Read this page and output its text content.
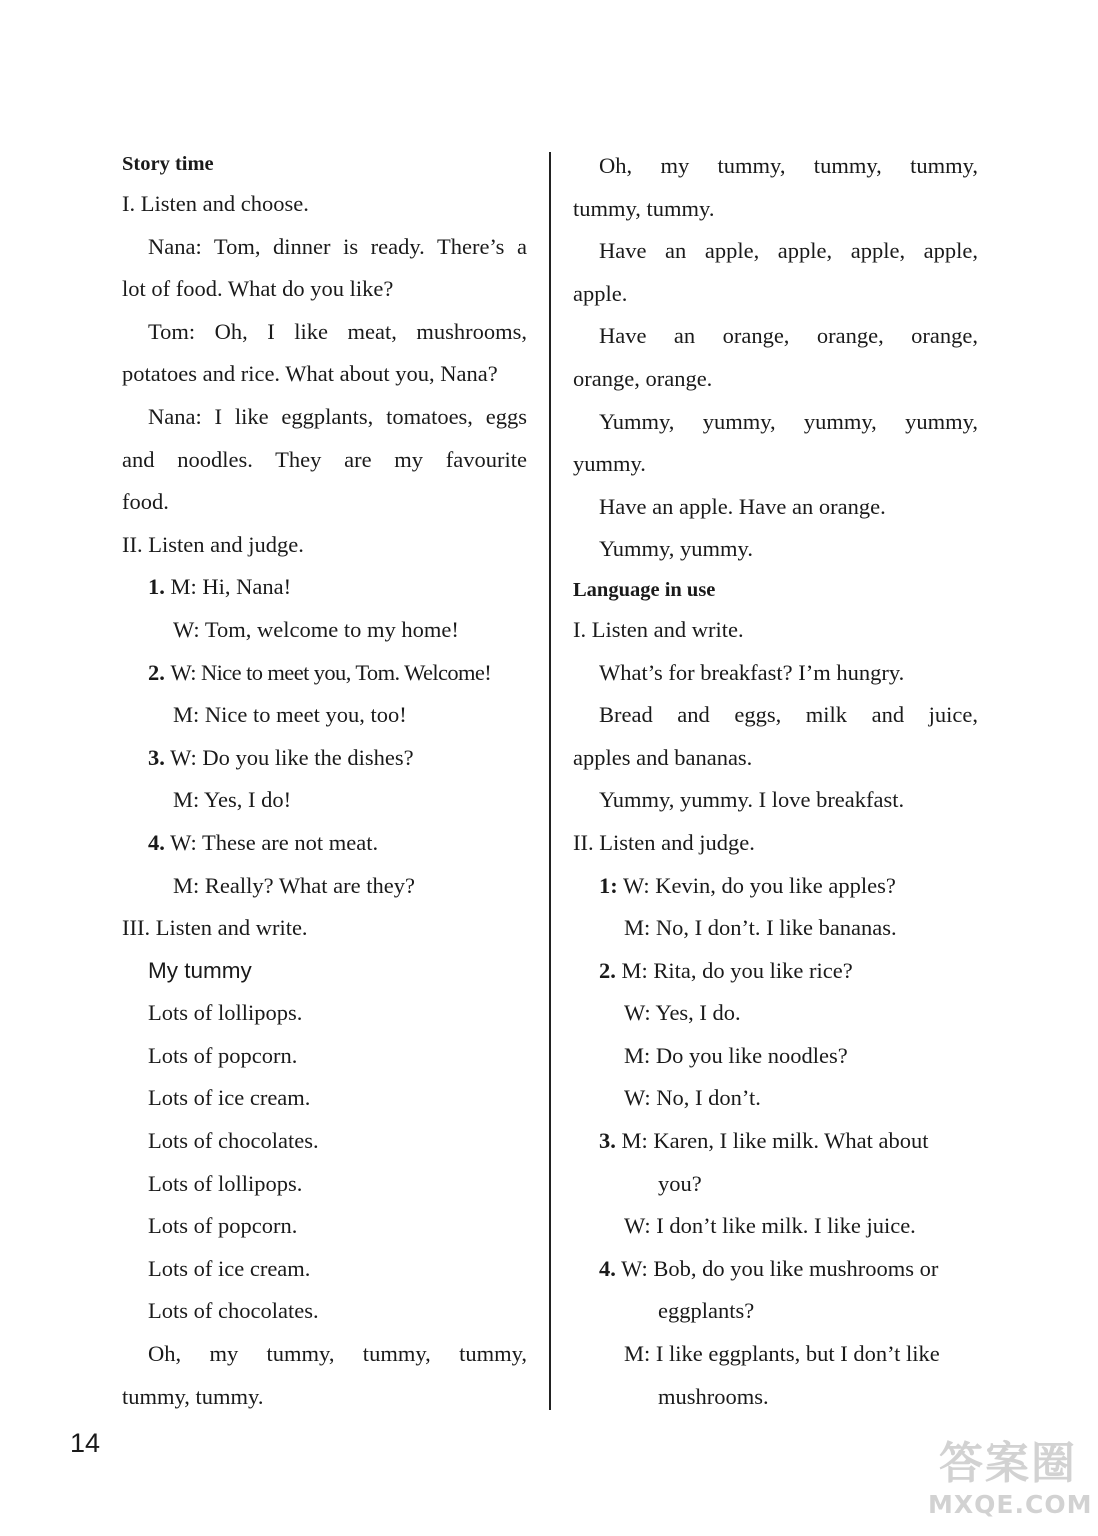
Story time
I. Listen and choose.
Nana: Tom, dinner is ready. There’s a
lot of food. What do you like?
Tom: Oh, I like meat, mushrooms,
potatoes and rice. What about you, Nana?
Nana: I like eggplants, tomatoes, eggs
and noodles. They are my favourite
food.
II. Listen and judge.
1. M: Hi, Nana!
W: Tom, welcome to my home!
2. W: Nice to meet you, Tom. Welcome!
M: Nice to meet you, too!
3. W: Do you like the dishes?
M: Yes, I do!
4. W: These are not meat.
M: Really? What are they?
III. Listen and write.
My tummy
Lots of lollipops.
Lots of popcorn.
Lots of ice cream.
Lots of chocolates.
Lots of lollipops.
Lots of popcorn.
Lots of ice cream.
Lots of chocolates.
Oh, my tummy, tummy, tummy,
tummy, tummy.
Oh, my tummy, tummy, tummy,
tummy, tummy.
Have an apple, apple, apple, apple,
apple.
Have an orange, orange, orange,
orange, orange.
Yummy, yummy, yummy, yummy,
yummy.
Have an apple. Have an orange.
Yummy, yummy.
Language in use
I. Listen and write.
What’s for breakfast? I’m hungry.
Bread and eggs, milk and juice,
apples and bananas.
Yummy, yummy. I love breakfast.
II. Listen and judge.
1: W: Kevin, do you like apples?
M: No, I don’t. I like bananas.
2. M: Rita, do you like rice?
W: Yes, I do.
M: Do you like noodles?
W: No, I don’t.
3. M: Karen, I like milk. What about
you?
W: I don’t like milk. I like juice.
4. W: Bob, do you like mushrooms or
eggplants?
M: I like eggplants, but I don’t like
mushrooms.
14	答案圈
MXQE.COM
